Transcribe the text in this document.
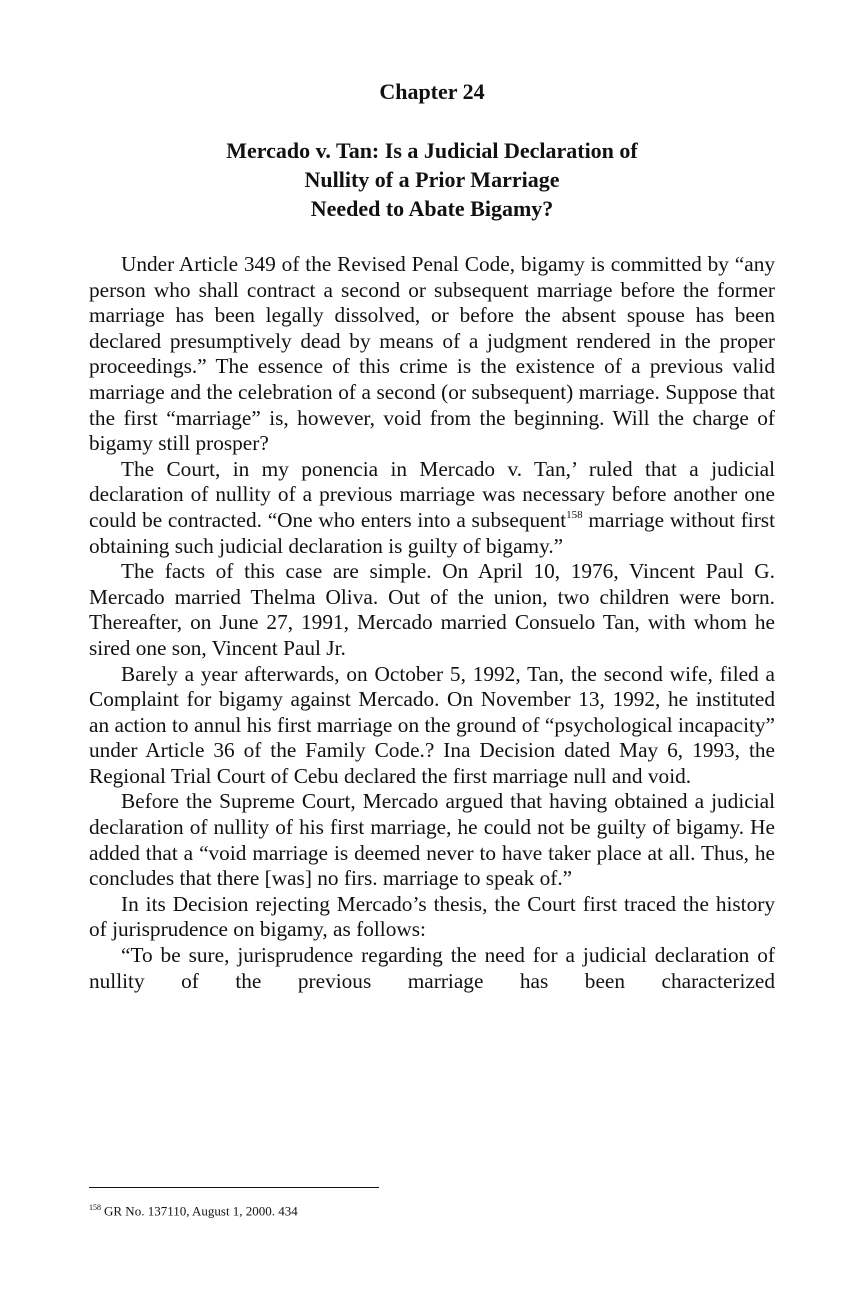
Chapter 24
Mercado v. Tan: Is a Judicial Declaration of
Nullity of a Prior Marriage
Needed to Abate Bigamy?

Under Article 349 of the Revised Penal Code, bigamy is committed by “any person who shall contract a second or subsequent marriage before the former marriage has been legally dissolved, or before the absent spouse has been declared presumptively dead by means of a judgment rendered in the proper proceedings.” The essence of this crime is the existence of a previous valid marriage and the celebration of a second (or subsequent) marriage. Suppose that the first “marriage” is, however, void from the beginning. Will the charge of bigamy still prosper?

The Court, in my ponencia in Mercado v. Tan,’ ruled that a judicial declaration of nullity of a previous marriage was necessary before another one could be contracted. “One who enters into a subsequent$^{158}$ marriage without first obtaining such judicial declaration is guilty of bigamy.”

The facts of this case are simple. On April 10, 1976, Vincent Paul G. Mercado married Thelma Oliva. Out of the union, two children were born. Thereafter, on June 27, 1991, Mercado married Consuelo Tan, with whom he sired one son, Vincent Paul Jr.

Barely a year afterwards, on October 5, 1992, Tan, the second wife, filed a Complaint for bigamy against Mercado. On November 13, 1992, he instituted an action to annul his first marriage on the ground of “psychological incapacity” under Article 36 of the Family Code.? Ina Decision dated May 6, 1993, the Regional Trial Court of Cebu declared the first marriage null and void.

Before the Supreme Court, Mercado argued that having obtained a judicial declaration of nullity of his first marriage, he could not be guilty of bigamy. He added that a “void marriage is deemed never to have taker place at all. Thus, he concludes that there [was] no firs. marriage to speak of.”

In its Decision rejecting Mercado’s thesis, the Court first traced the history of jurisprudence on bigamy, as follows:

“To be sure, jurisprudence regarding the need for a judicial declaration of nullity of the previous marriage has been characterized

$^{158}$ GR No. 137110, August 1, 2000. 434
